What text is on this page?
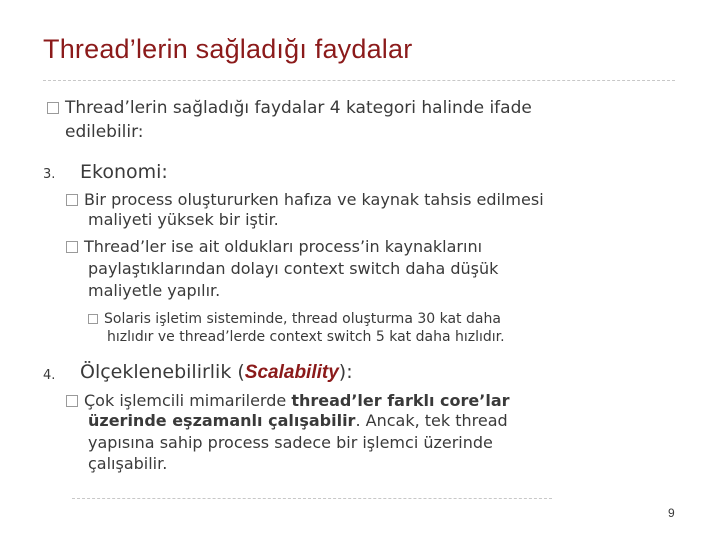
Thread’lerin sağladığı faydalar
Thread’lerin sağladığı faydalar 4 kategori halinde ifade
edilebilir:
3. Ekonomi:
Bir process oluştururken hafıza ve kaynak tahsis edilmesi
maliyeti yüksek bir iştir.
Thread’ler ise ait oldukları process’in kaynaklarını
paylaştıklarından dolayı context switch daha düşük
maliyetle yapılır.
Solaris işletim sisteminde, thread oluşturma 30 kat daha
hızlıdır ve thread’lerde context switch 5 kat daha hızlıdır.
4. Ölçeklenebilirlik (Scalability):
Çok işlemcili mimarilerde thread’ler farklı core’lar
üzerinde eşzamanlı çalışabilir. Ancak, tek thread
yapısına sahip process sadece bir işlemci üzerinde
çalışabilir.
9
